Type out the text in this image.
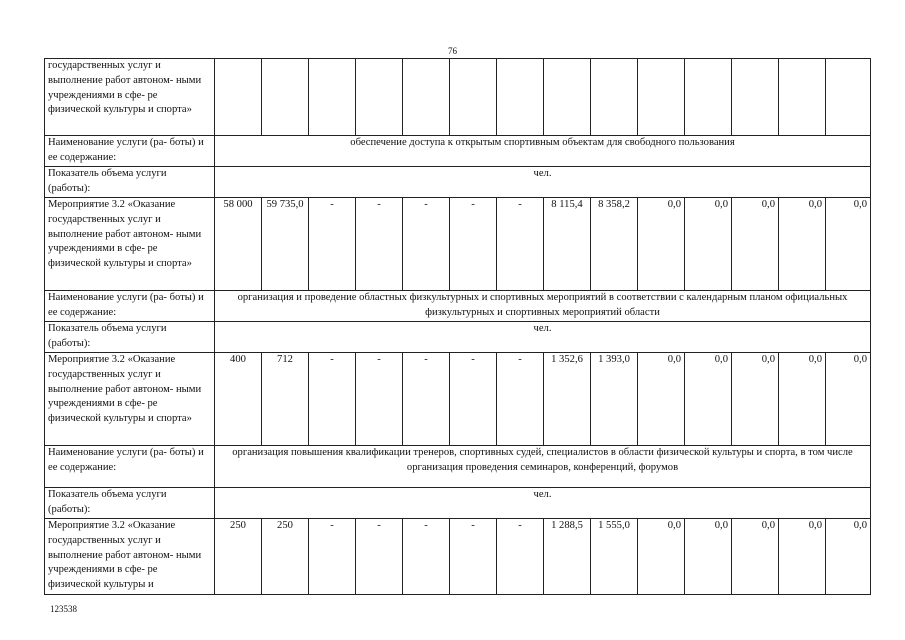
76
государственных услуг и выполнение работ автоном- ными учреждениями в сфе- ре физической культуры и спорта»														
Наименование услуги (ра- боты) и ее содержание:	обеспечение доступа к открытым спортивным объектам для свободного пользования													
Показатель объема услуги (работы):	чел.													
Мероприятие 3.2 «Оказание государственных услуг и выполнение работ автоном- ными учреждениями в сфе- ре физической культуры и спорта»	58 000	59 735,0	-	-	-	-	-	8 115,4	8 358,2	0,0	0,0	0,0	0,0	0,0
Наименование услуги (ра- боты) и ее содержание:	организация и проведение областных физкультурных и спортивных мероприятий в соответствии с календарным планом официальных физкультурных и спортивных мероприятий области													
Показатель объема услуги (работы):	чел.													
Мероприятие 3.2 «Оказание государственных услуг и выполнение работ автоном- ными учреждениями в сфе- ре физической культуры и спорта»	400	712	-	-	-	-	-	1 352,6	1 393,0	0,0	0,0	0,0	0,0	0,0
Наименование услуги (ра- боты) и ее содержание:	организация повышения квалификации тренеров, спортивных судей, специалистов в области физической культуры и спорта, в том числе организация проведения семинаров, конференций, форумов													
Показатель объема услуги (работы):	чел.													
Мероприятие 3.2 «Оказание государственных услуг и выполнение работ автоном- ными учреждениями в сфе- ре физической культуры и	250	250	-	-	-	-	-	1 288,5	1 555,0	0,0	0,0	0,0	0,0	0,0
123538
